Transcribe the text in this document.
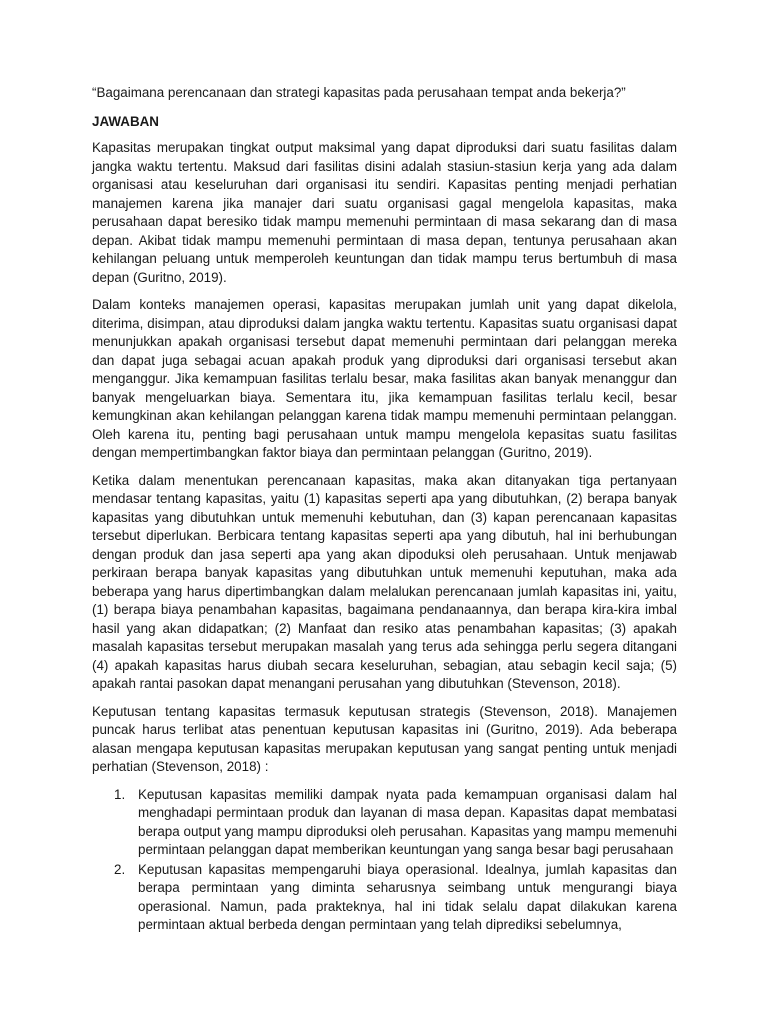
“Bagaimana perencanaan dan strategi kapasitas pada perusahaan tempat anda bekerja?”

JAWABAN

Kapasitas merupakan tingkat output maksimal yang dapat diproduksi dari suatu fasilitas dalam jangka waktu tertentu. Maksud dari fasilitas disini adalah stasiun-stasiun kerja yang ada dalam organisasi atau keseluruhan dari organisasi itu sendiri. Kapasitas penting menjadi perhatian manajemen karena jika manajer dari suatu organisasi gagal mengelola kapasitas, maka perusahaan dapat beresiko tidak mampu memenuhi permintaan di masa sekarang dan di masa depan. Akibat tidak mampu memenuhi permintaan di masa depan, tentunya perusahaan akan kehilangan peluang untuk memperoleh keuntungan dan tidak mampu terus bertumbuh di masa depan (Guritno, 2019).

Dalam konteks manajemen operasi, kapasitas merupakan jumlah unit yang dapat dikelola, diterima, disimpan, atau diproduksi dalam jangka waktu tertentu. Kapasitas suatu organisasi dapat menunjukkan apakah organisasi tersebut dapat memenuhi permintaan dari pelanggan mereka dan dapat juga sebagai acuan apakah produk yang diproduksi dari organisasi tersebut akan menganggur. Jika kemampuan fasilitas terlalu besar, maka fasilitas akan banyak menanggur dan banyak mengeluarkan biaya. Sementara itu, jika kemampuan fasilitas terlalu kecil, besar kemungkinan akan kehilangan pelanggan karena tidak mampu memenuhi permintaan pelanggan. Oleh karena itu, penting bagi perusahaan untuk mampu mengelola kepasitas suatu fasilitas dengan mempertimbangkan faktor biaya dan permintaan pelanggan (Guritno, 2019).

Ketika dalam menentukan perencanaan kapasitas, maka akan ditanyakan tiga pertanyaan mendasar tentang kapasitas, yaitu (1) kapasitas seperti apa yang dibutuhkan, (2) berapa banyak kapasitas yang dibutuhkan untuk memenuhi kebutuhan, dan (3) kapan perencanaan kapasitas tersebut diperlukan. Berbicara tentang kapasitas seperti apa yang dibutuh, hal ini berhubungan dengan produk dan jasa seperti apa yang akan dipoduksi oleh perusahaan. Untuk menjawab perkiraan berapa banyak kapasitas yang dibutuhkan untuk memenuhi keputuhan, maka ada beberapa yang harus dipertimbangkan dalam melalukan perencanaan jumlah kapasitas ini, yaitu, (1) berapa biaya penambahan kapasitas, bagaimana pendanaannya, dan berapa kira-kira imbal hasil yang akan didapatkan; (2) Manfaat dan resiko atas penambahan kapasitas; (3) apakah masalah kapasitas tersebut merupakan masalah yang terus ada sehingga perlu segera ditangani (4) apakah kapasitas harus diubah secara keseluruhan, sebagian, atau sebagin kecil saja; (5) apakah rantai pasokan dapat menangani perusahan yang dibutuhkan (Stevenson, 2018).

Keputusan tentang kapasitas termasuk keputusan strategis (Stevenson, 2018). Manajemen puncak harus terlibat atas penentuan keputusan kapasitas ini (Guritno, 2019). Ada beberapa alasan mengapa keputusan kapasitas merupakan keputusan yang sangat penting untuk menjadi perhatian (Stevenson, 2018) :

1. Keputusan kapasitas memiliki dampak nyata pada kemampuan organisasi dalam hal menghadapi permintaan produk dan layanan di masa depan. Kapasitas dapat membatasi berapa output yang mampu diproduksi oleh perusahan. Kapasitas yang mampu memenuhi permintaan pelanggan dapat memberikan keuntungan yang sanga besar bagi perusahaan
2. Keputusan kapasitas mempengaruhi biaya operasional. Idealnya, jumlah kapasitas dan berapa permintaan yang diminta seharusnya seimbang untuk mengurangi biaya operasional. Namun, pada prakteknya, hal ini tidak selalu dapat dilakukan karena permintaan aktual berbeda dengan permintaan yang telah diprediksi sebelumnya,
